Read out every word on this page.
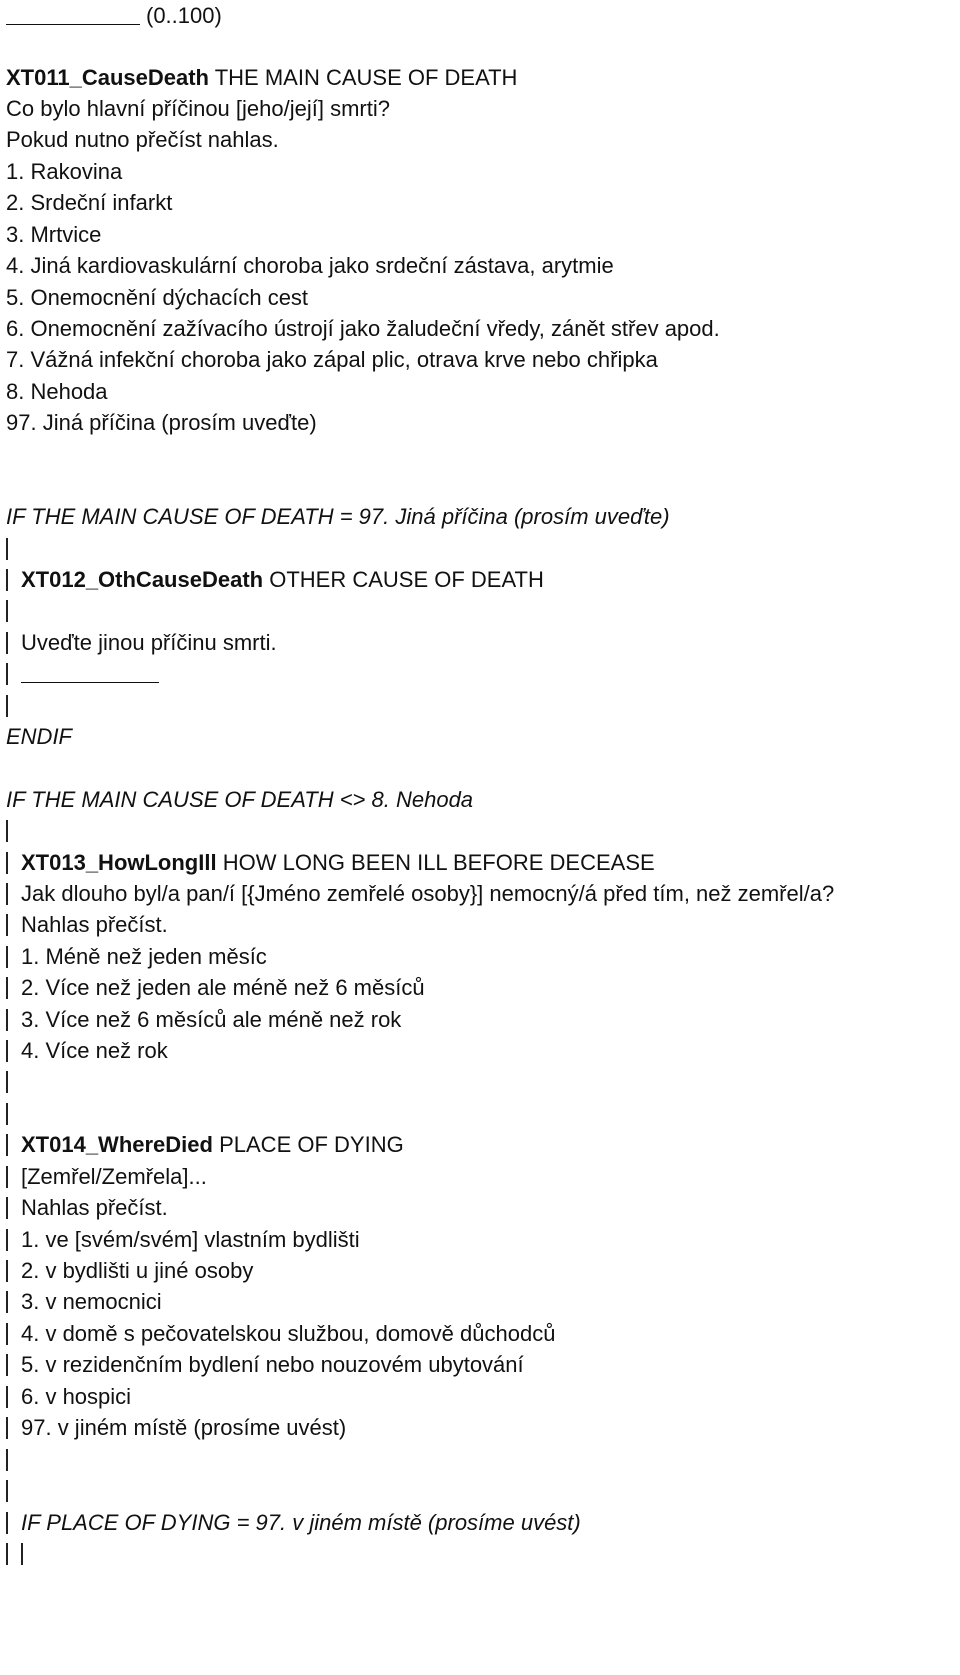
(0..100)
XT011_CauseDeath THE MAIN CAUSE OF DEATH
Co bylo hlavní příčinou [jeho/její] smrti?
Pokud nutno přečíst nahlas.
1. Rakovina
2. Srdeční infarkt
3. Mrtvice
4. Jiná kardiovaskulární choroba jako srdeční zástava, arytmie
5. Onemocnění dýchacích cest
6. Onemocnění zažívacího ústrojí jako žaludeční vředy, zánět střev apod.
7. Vážná infekční choroba jako zápal plic, otrava krve nebo chřipka
8. Nehoda
97. Jiná příčina (prosím uveďte)
IF THE MAIN CAUSE OF DEATH = 97. Jiná příčina (prosím uveďte)
XT012_OthCauseDeath OTHER CAUSE OF DEATH
Uveďte jinou příčinu smrti.
ENDIF
IF THE MAIN CAUSE OF DEATH <> 8. Nehoda
XT013_HowLongIll HOW LONG BEEN ILL BEFORE DECEASE
Jak dlouho byl/a pan/í [{Jméno zemřelé osoby}] nemocný/á před tím, než zemřel/a?
Nahlas přečíst.
1. Méně než jeden měsíc
2. Více než jeden ale méně než 6 měsíců
3. Více než 6 měsíců ale méně než rok
4. Více než rok
XT014_WhereDied PLACE OF DYING
[Zemřel/Zemřela]...
Nahlas přečíst.
1. ve [svém/svém] vlastním bydlišti
2. v bydlišti u jiné osoby
3. v nemocnici
4. v domě s pečovatelskou službou, domově důchodců
5. v rezidenčním bydlení nebo nouzovém ubytování
6. v hospici
97. v jiném místě (prosíme uvést)
IF PLACE OF DYING = 97. v jiném místě (prosíme uvést)
